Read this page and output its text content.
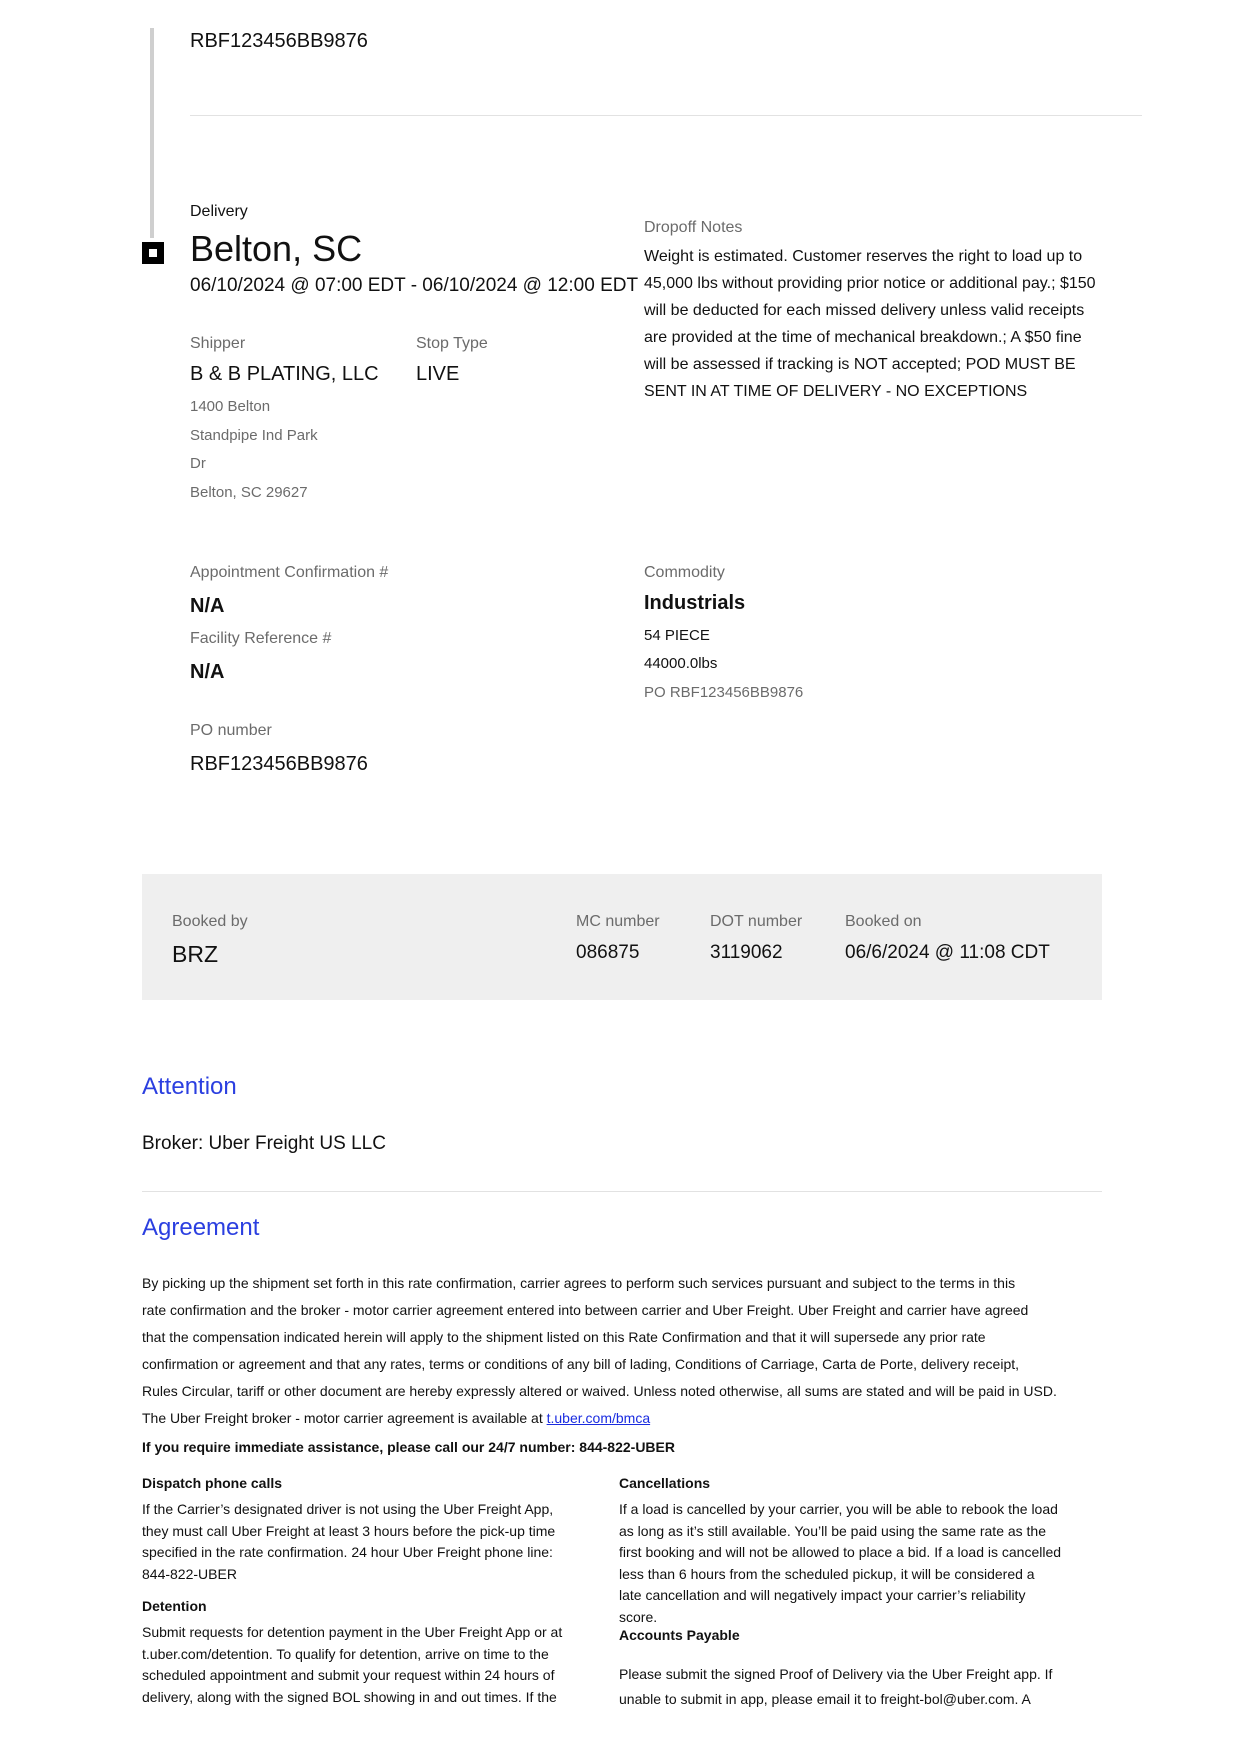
RBF123456BB9876
Delivery
Belton, SC
06/10/2024 @ 07:00 EDT - 06/10/2024 @ 12:00 EDT
Shipper
B & B PLATING, LLC
1400 Belton
Standpipe Ind Park
Dr
Belton, SC 29627
Stop Type
LIVE
Dropoff Notes
Weight is estimated. Customer reserves the right to load up to 45,000 lbs without providing prior notice or additional pay.; $150 will be deducted for each missed delivery unless valid receipts are provided at the time of mechanical breakdown.; A $50 fine will be assessed if tracking is NOT accepted; POD MUST BE SENT IN AT TIME OF DELIVERY - NO EXCEPTIONS
Appointment Confirmation #
N/A
Facility Reference #
N/A
PO number
RBF123456BB9876
Commodity
Industrials
54 PIECE
44000.0lbs
PO RBF123456BB9876
Booked by
BRZ
MC number
086875
DOT number
3119062
Booked on
06/6/2024 @ 11:08 CDT
Attention
Broker: Uber Freight US LLC
Agreement
By picking up the shipment set forth in this rate confirmation, carrier agrees to perform such services pursuant and subject to the terms in this
rate confirmation and the broker - motor carrier agreement entered into between carrier and Uber Freight. Uber Freight and carrier have agreed
that the compensation indicated herein will apply to the shipment listed on this Rate Confirmation and that it will supersede any prior rate
confirmation or agreement and that any rates, terms or conditions of any bill of lading, Conditions of Carriage, Carta de Porte, delivery receipt,
Rules Circular, tariff or other document are hereby expressly altered or waived. Unless noted otherwise, all sums are stated and will be paid in USD.
The Uber Freight broker - motor carrier agreement is available at t.uber.com/bmca
If you require immediate assistance, please call our 24/7 number: 844-822-UBER
Dispatch phone calls
If the Carrier’s designated driver is not using the Uber Freight App,
they must call Uber Freight at least 3 hours before the pick-up time
specified in the rate confirmation. 24 hour Uber Freight phone line:
844-822-UBER
Detention
Submit requests for detention payment in the Uber Freight App or at
t.uber.com/detention. To qualify for detention, arrive on time to the
scheduled appointment and submit your request within 24 hours of
delivery, along with the signed BOL showing in and out times. If the
Cancellations
If a load is cancelled by your carrier, you will be able to rebook the load
as long as it’s still available. You’ll be paid using the same rate as the
first booking and will not be allowed to place a bid. If a load is cancelled
less than 6 hours from the scheduled pickup, it will be considered a
late cancellation and will negatively impact your carrier’s reliability
score.
Accounts Payable
Please submit the signed Proof of Delivery via the Uber Freight app. If
unable to submit in app, please email it to freight-bol@uber.com. A
